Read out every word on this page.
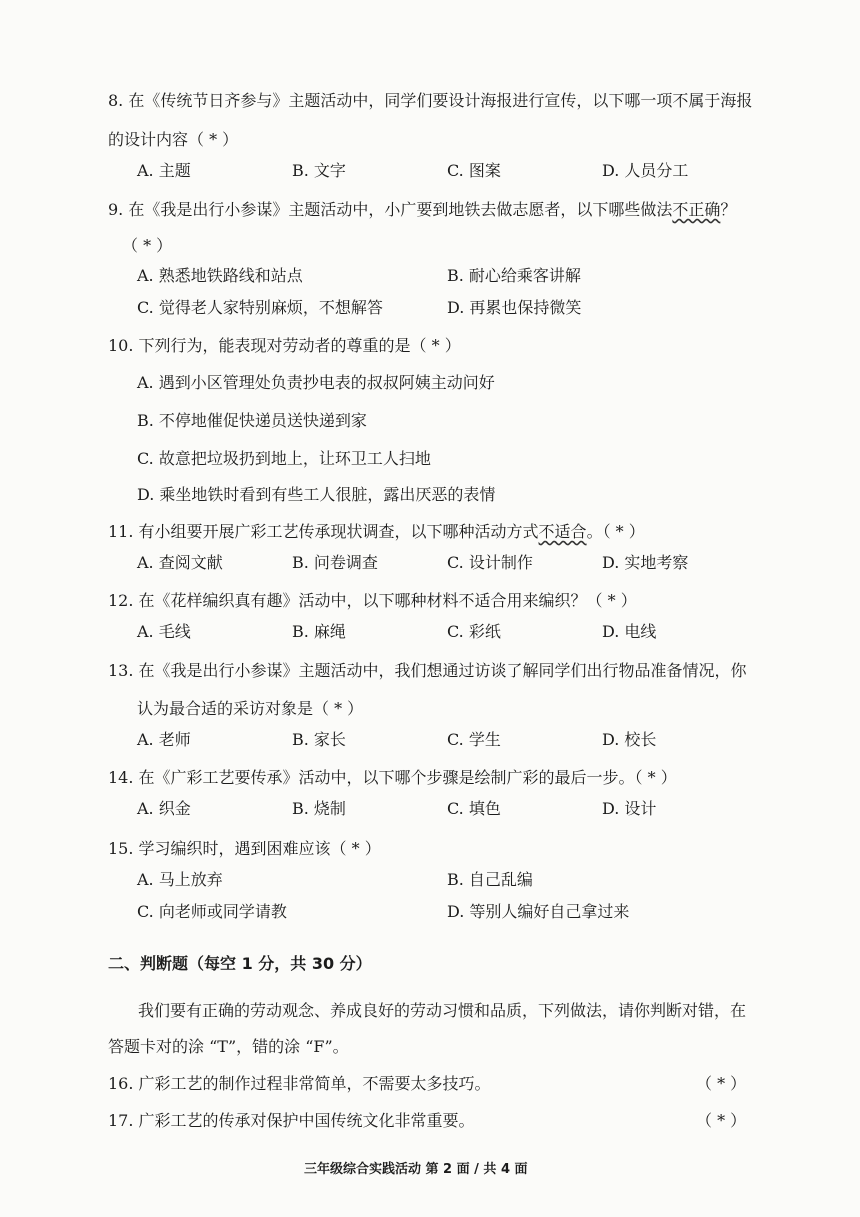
8. 在《传统节日齐参与》主题活动中，同学们要设计海报进行宣传，以下哪一项不属于海报
的设计内容（ * ）
A. 主题	B. 文字	C. 图案	D. 人员分工
9. 在《我是出行小参谋》主题活动中，小广要到地铁去做志愿者，以下哪些做法不正确？
（ * ）
A. 熟悉地铁路线和站点	B. 耐心给乘客讲解
C. 觉得老人家特别麻烦，不想解答	D. 再累也保持微笑
10. 下列行为，能表现对劳动者的尊重的是（ * ）
A. 遇到小区管理处负责抄电表的叔叔阿姨主动问好
B. 不停地催促快递员送快递到家
C. 故意把垃圾扔到地上，让环卫工人扫地
D. 乘坐地铁时看到有些工人很脏，露出厌恶的表情
11. 有小组要开展广彩工艺传承现状调查，以下哪种活动方式不适合。（ * ）
A. 查阅文献	B. 问卷调查	C. 设计制作	D. 实地考察
12. 在《花样编织真有趣》活动中，以下哪种材料不适合用来编织？（ * ）
A. 毛线	B. 麻绳	C. 彩纸	D. 电线
13. 在《我是出行小参谋》主题活动中，我们想通过访谈了解同学们出行物品准备情况，你
认为最合适的采访对象是（ * ）
A. 老师	B. 家长	C. 学生	D. 校长
14. 在《广彩工艺要传承》活动中，以下哪个步骤是绘制广彩的最后一步。（ * ）
A. 织金	B. 烧制	C. 填色	D. 设计
15. 学习编织时，遇到困难应该（ * ）
A. 马上放弃	B. 自己乱编
C. 向老师或同学请教	D. 等别人编好自己拿过来
二、判断题（每空 1 分，共 30 分）
我们要有正确的劳动观念、养成良好的劳动习惯和品质，下列做法，请你判断对错，在
答题卡对的涂 “T”，错的涂 “F”。
16. 广彩工艺的制作过程非常简单，不需要太多技巧。	（ * ）
17. 广彩工艺的传承对保护中国传统文化非常重要。	（ * ）
三年级综合实践活动 第 2 面 / 共 4 面
